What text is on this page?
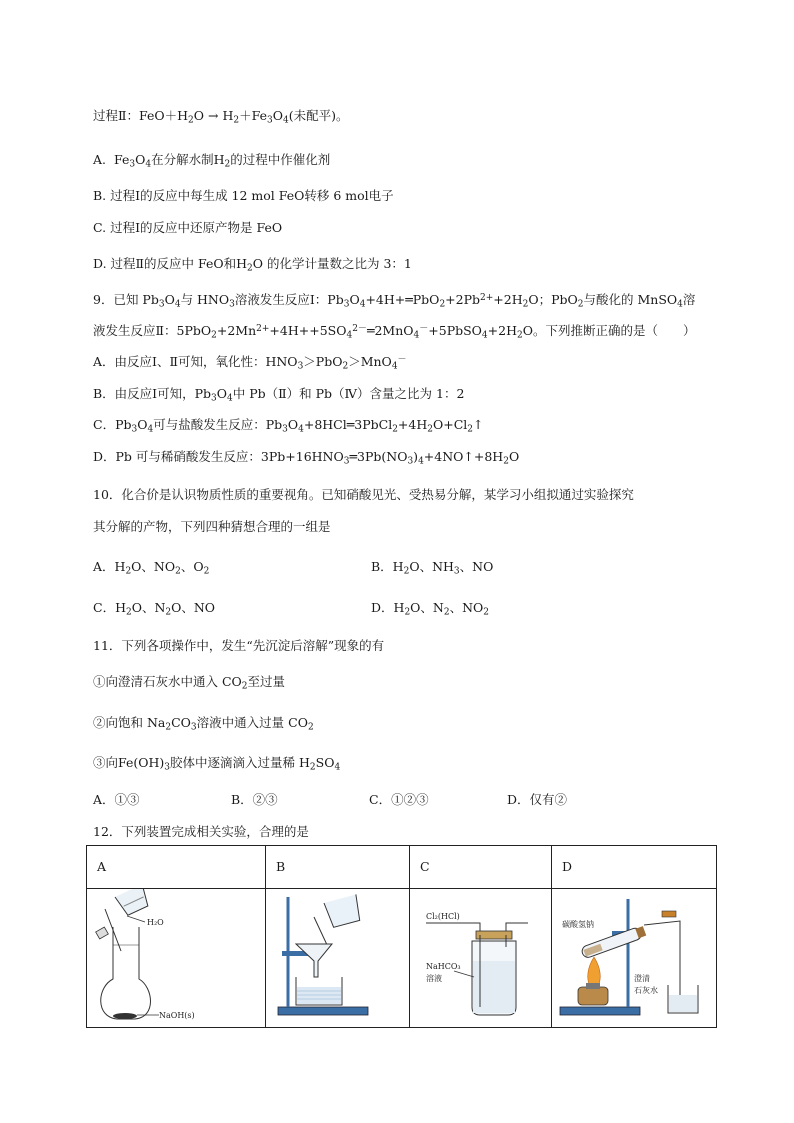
过程Ⅱ：$FeO+H_2O \to H_2+Fe_3O_4$(未配平)。
A. $Fe_3O_4$在分解水制$H_2$的过程中作催化剂
B. 过程Ⅰ的反应中每生成 12 mol FeO转移 6 mol电子
C. 过程Ⅰ的反应中还原产物是 FeO
D. 过程Ⅱ的反应中 FeO和$H_2O$ 的化学计量数之比为 3：1
9．已知 $Pb_3O_4$与 $HNO_3$溶液发生反应Ⅰ：$Pb_3O_4+4H+═PbO_2+2Pb^{2+}+2H_2O$；PbO$_2$与酸化的 MnSO$_4$溶
液发生反应Ⅱ：$5PbO_2+2Mn^{2+}+4H++5SO_4^{2-}═2MnO_4^-+5PbSO_4+2H_2O$。下列推断正确的是（　　）
A．由反应Ⅰ、Ⅱ可知，氧化性：$HNO_3>PbO_2>MnO_4^-$
B．由反应Ⅰ可知，$Pb_3O_4$中 Pb（Ⅱ）和 Pb（Ⅳ）含量之比为 1：2
C．$Pb_3O_4$可与盐酸发生反应：$Pb_3O_4+8HCl═3PbCl_2+4H_2O+Cl_2↑$
D．Pb 可与稀硝酸发生反应：$3Pb+16HNO_3═3Pb(NO_3)_4+4NO↑+8H_2O$
10．化合价是认识物质性质的重要视角。已知硝酸见光、受热易分解，某学习小组拟通过实验探究
其分解的产物，下列四种猜想合理的一组是
A．$H_2O$、$NO_2$、$O_2$	B．$H_2O$、$NH_3$、NO
C．$H_2O$、$N_2O$、NO	D．$H_2O$、$N_2$、$NO_2$
11．下列各项操作中，发生“先沉淀后溶解”现象的有
①向澄清石灰水中通入 $CO_2$至过量
②向饱和 $Na_2CO_3$溶液中通入过量 $CO_2$
③向$Fe(OH)_3$胶体中逐滴滴入过量稀 $H_2SO_4$
A．①③	B．②③	C．①②③	D．仅有②
12．下列装置完成相关实验，合理的是
A	B	C	D

H₂O
NaOH(s)		Cl₂(HCl)
NaHCO₃
溶液	碳酸氢钠
澄清
石灰水
